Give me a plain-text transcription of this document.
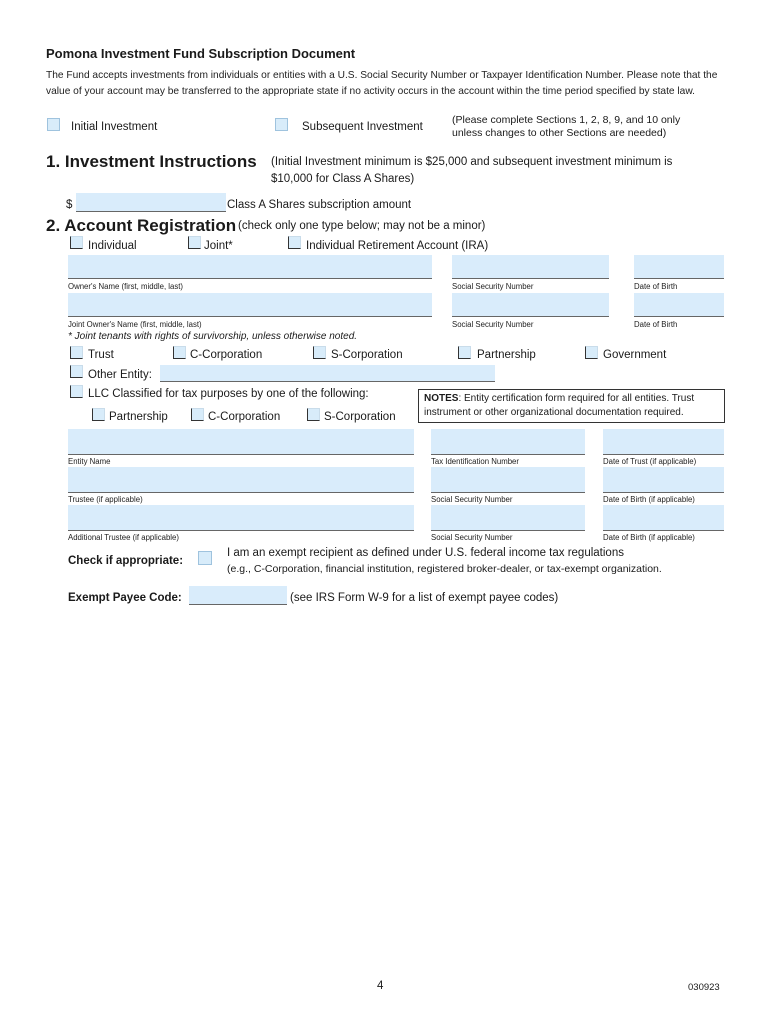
Pomona Investment Fund Subscription Document
The Fund accepts investments from individuals or entities with a U.S. Social Security Number or Taxpayer Identification Number. Please note that the value of your account may be transferred to the appropriate state if no activity occurs in the account within the time period specified by state law.
Initial Investment	Subsequent Investment
(Please complete Sections 1, 2, 8, 9, and 10 only
unless changes to other Sections are needed)
1. Investment Instructions (Initial Investment minimum is $25,000 and subsequent investment minimum is
$10,000 for Class A Shares)
$	Class A Shares subscription amount
2. Account Registration (check only one type below; may not be a minor)
Individual	Joint*	Individual Retirement Account (IRA)
Owner's Name (first, middle, last)	Social Security Number	Date of Birth
Joint Owner's Name (first, middle, last)	Social Security Number	Date of Birth
* Joint tenants with rights of survivorship, unless otherwise noted.
Trust	C-Corporation	S-Corporation	Partnership	Government
Other Entity:
LLC Classified for tax purposes by one of the following:
Partnership	C-Corporation	S-Corporation
NOTES: Entity certification form required for all entities. Trust instrument or other organizational documentation required.
Entity Name	Tax Identification Number	Date of Trust (if applicable)
Trustee (if applicable)	Social Security Number	Date of Birth (if applicable)
Additional Trustee (if applicable)	Social Security Number	Date of Birth (if applicable)
Check if appropriate:
I am an exempt recipient as defined under U.S. federal income tax regulations
(e.g., C-Corporation, financial institution, registered broker-dealer, or tax-exempt organization.
Exempt Payee Code:	(see IRS Form W-9 for a list of exempt payee codes)
4	030923
